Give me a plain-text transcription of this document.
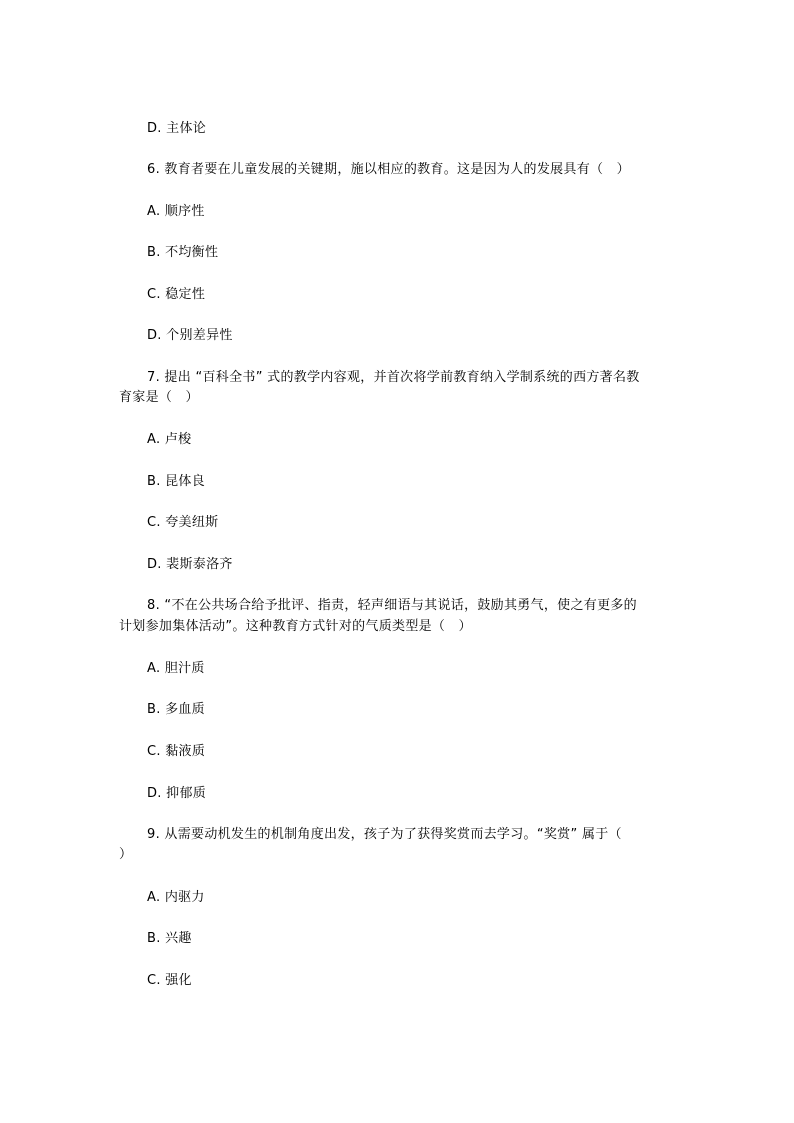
D. 主体论
6. 教育者要在儿童发展的关键期，施以相应的教育。这是因为人的发展具有（　）
A. 顺序性
B. 不均衡性
C. 稳定性
D. 个别差异性
7. 提出 “百科全书” 式的教学内容观，并首次将学前教育纳入学制系统的西方著名教
育家是（　）
A. 卢梭
B. 昆体良
C. 夸美纽斯
D. 裴斯泰洛齐
8. “不在公共场合给予批评、指责，轻声细语与其说话，鼓励其勇气，使之有更多的
计划参加集体活动”。这种教育方式针对的气质类型是（　）
A. 胆汁质
B. 多血质
C. 黏液质
D. 抑郁质
9. 从需要动机发生的机制角度出发，孩子为了获得奖赏而去学习。“奖赏” 属于（
）
A. 内驱力
B. 兴趣
C. 强化
